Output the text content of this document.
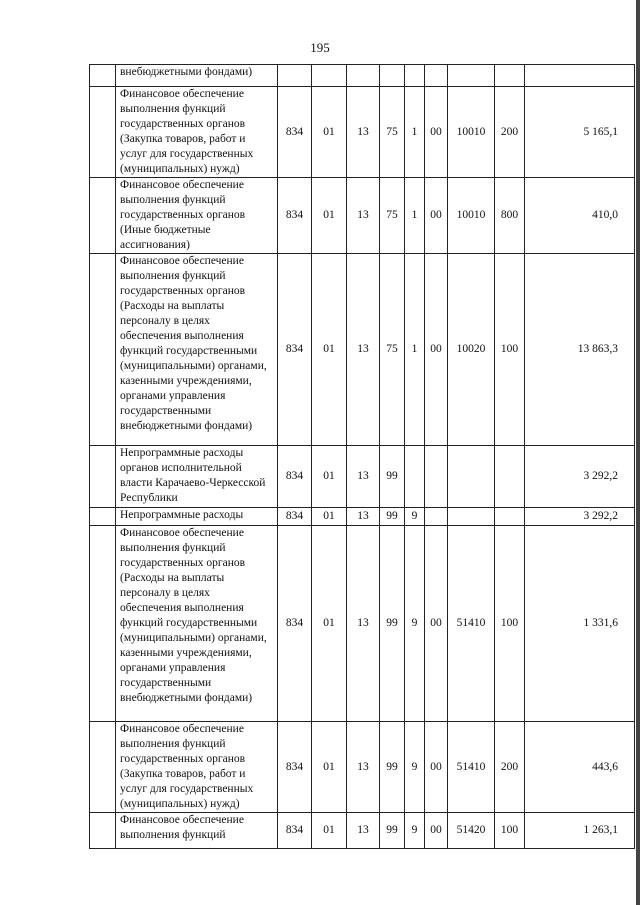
195
	внебюджетными фондами)									
	Финансовое обеспечение выполнения функций государственных органов (Закупка товаров, работ и услуг для государственных (муниципальных) нужд)	834	01	13	75	1	00	10010	200	5 165,1
	Финансовое обеспечение выполнения функций государственных органов (Иные бюджетные ассигнования)	834	01	13	75	1	00	10010	800	410,0
	Финансовое обеспечение выполнения функций государственных органов (Расходы на выплаты персоналу в целях обеспечения выполнения функций государственными (муниципальными) органами, казенными учреждениями, органами управления государственными внебюджетными фондами)	834	01	13	75	1	00	10020	100	13 863,3
	Непрограммные расходы органов исполнительной власти Карачаево-Черкесской Республики	834	01	13	99					3 292,2
	Непрограммные расходы	834	01	13	99	9				3 292,2
	Финансовое обеспечение выполнения функций государственных органов (Расходы на выплаты персоналу в целях обеспечения выполнения функций государственными (муниципальными) органами, казенными учреждениями, органами управления государственными внебюджетными фондами)	834	01	13	99	9	00	51410	100	1 331,6
	Финансовое обеспечение выполнения функций государственных органов (Закупка товаров, работ и услуг для государственных (муниципальных) нужд)	834	01	13	99	9	00	51410	200	443,6
	Финансовое обеспечение выполнения функций	834	01	13	99	9	00	51420	100	1 263,1
